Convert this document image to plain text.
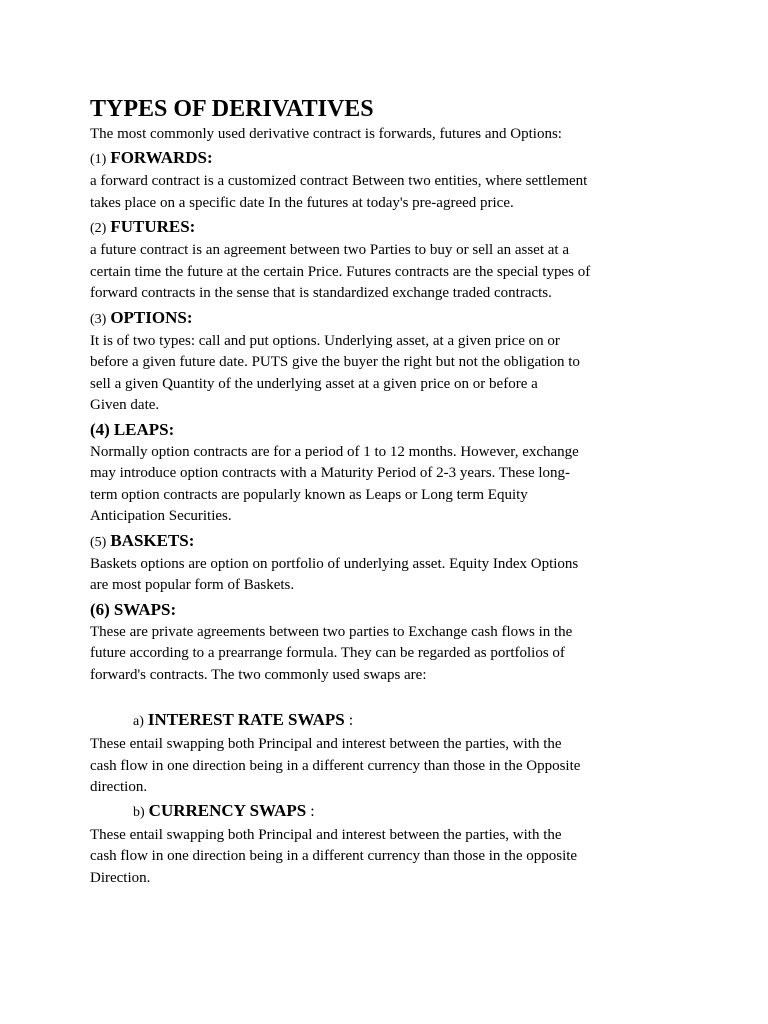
TYPES OF DERIVATIVES

The most commonly used derivative contract is forwards, futures and Options:

(1) FORWARDS:

a forward contract is a customized contract Between two entities, where settlement
takes place on a specific date In the futures at today's pre-agreed price.

(2) FUTURES:

a future contract is an agreement between two Parties to buy or sell an asset at a
certain time the future at the certain Price. Futures contracts are the special types of
forward contracts in the sense that is standardized exchange traded contracts.

(3) OPTIONS:

It is of two types: call and put options. Underlying asset, at a given price on or
before a given future date. PUTS give the buyer the right but not the obligation to
sell a given Quantity of the underlying asset at a given price on or before a
Given date.

(4) LEAPS:

Normally option contracts are for a period of 1 to 12 months. However, exchange
may introduce option contracts with a Maturity Period of 2-3 years. These long-
term option contracts are popularly known as Leaps or Long term Equity
Anticipation Securities.

(5) BASKETS:

Baskets options are option on portfolio of underlying asset. Equity Index Options
are most popular form of Baskets.

(6) SWAPS:

These are private agreements between two parties to Exchange cash flows in the
future according to a prearrange formula. They can be regarded as portfolios of
forward's contracts. The two commonly used swaps are:

a) INTEREST RATE SWAPS :

These entail swapping both Principal and interest between the parties, with the
cash flow in one direction being in a different currency than those in the Opposite
direction.

b) CURRENCY SWAPS :

These entail swapping both Principal and interest between the parties, with the
cash flow in one direction being in a different currency than those in the opposite
Direction.
